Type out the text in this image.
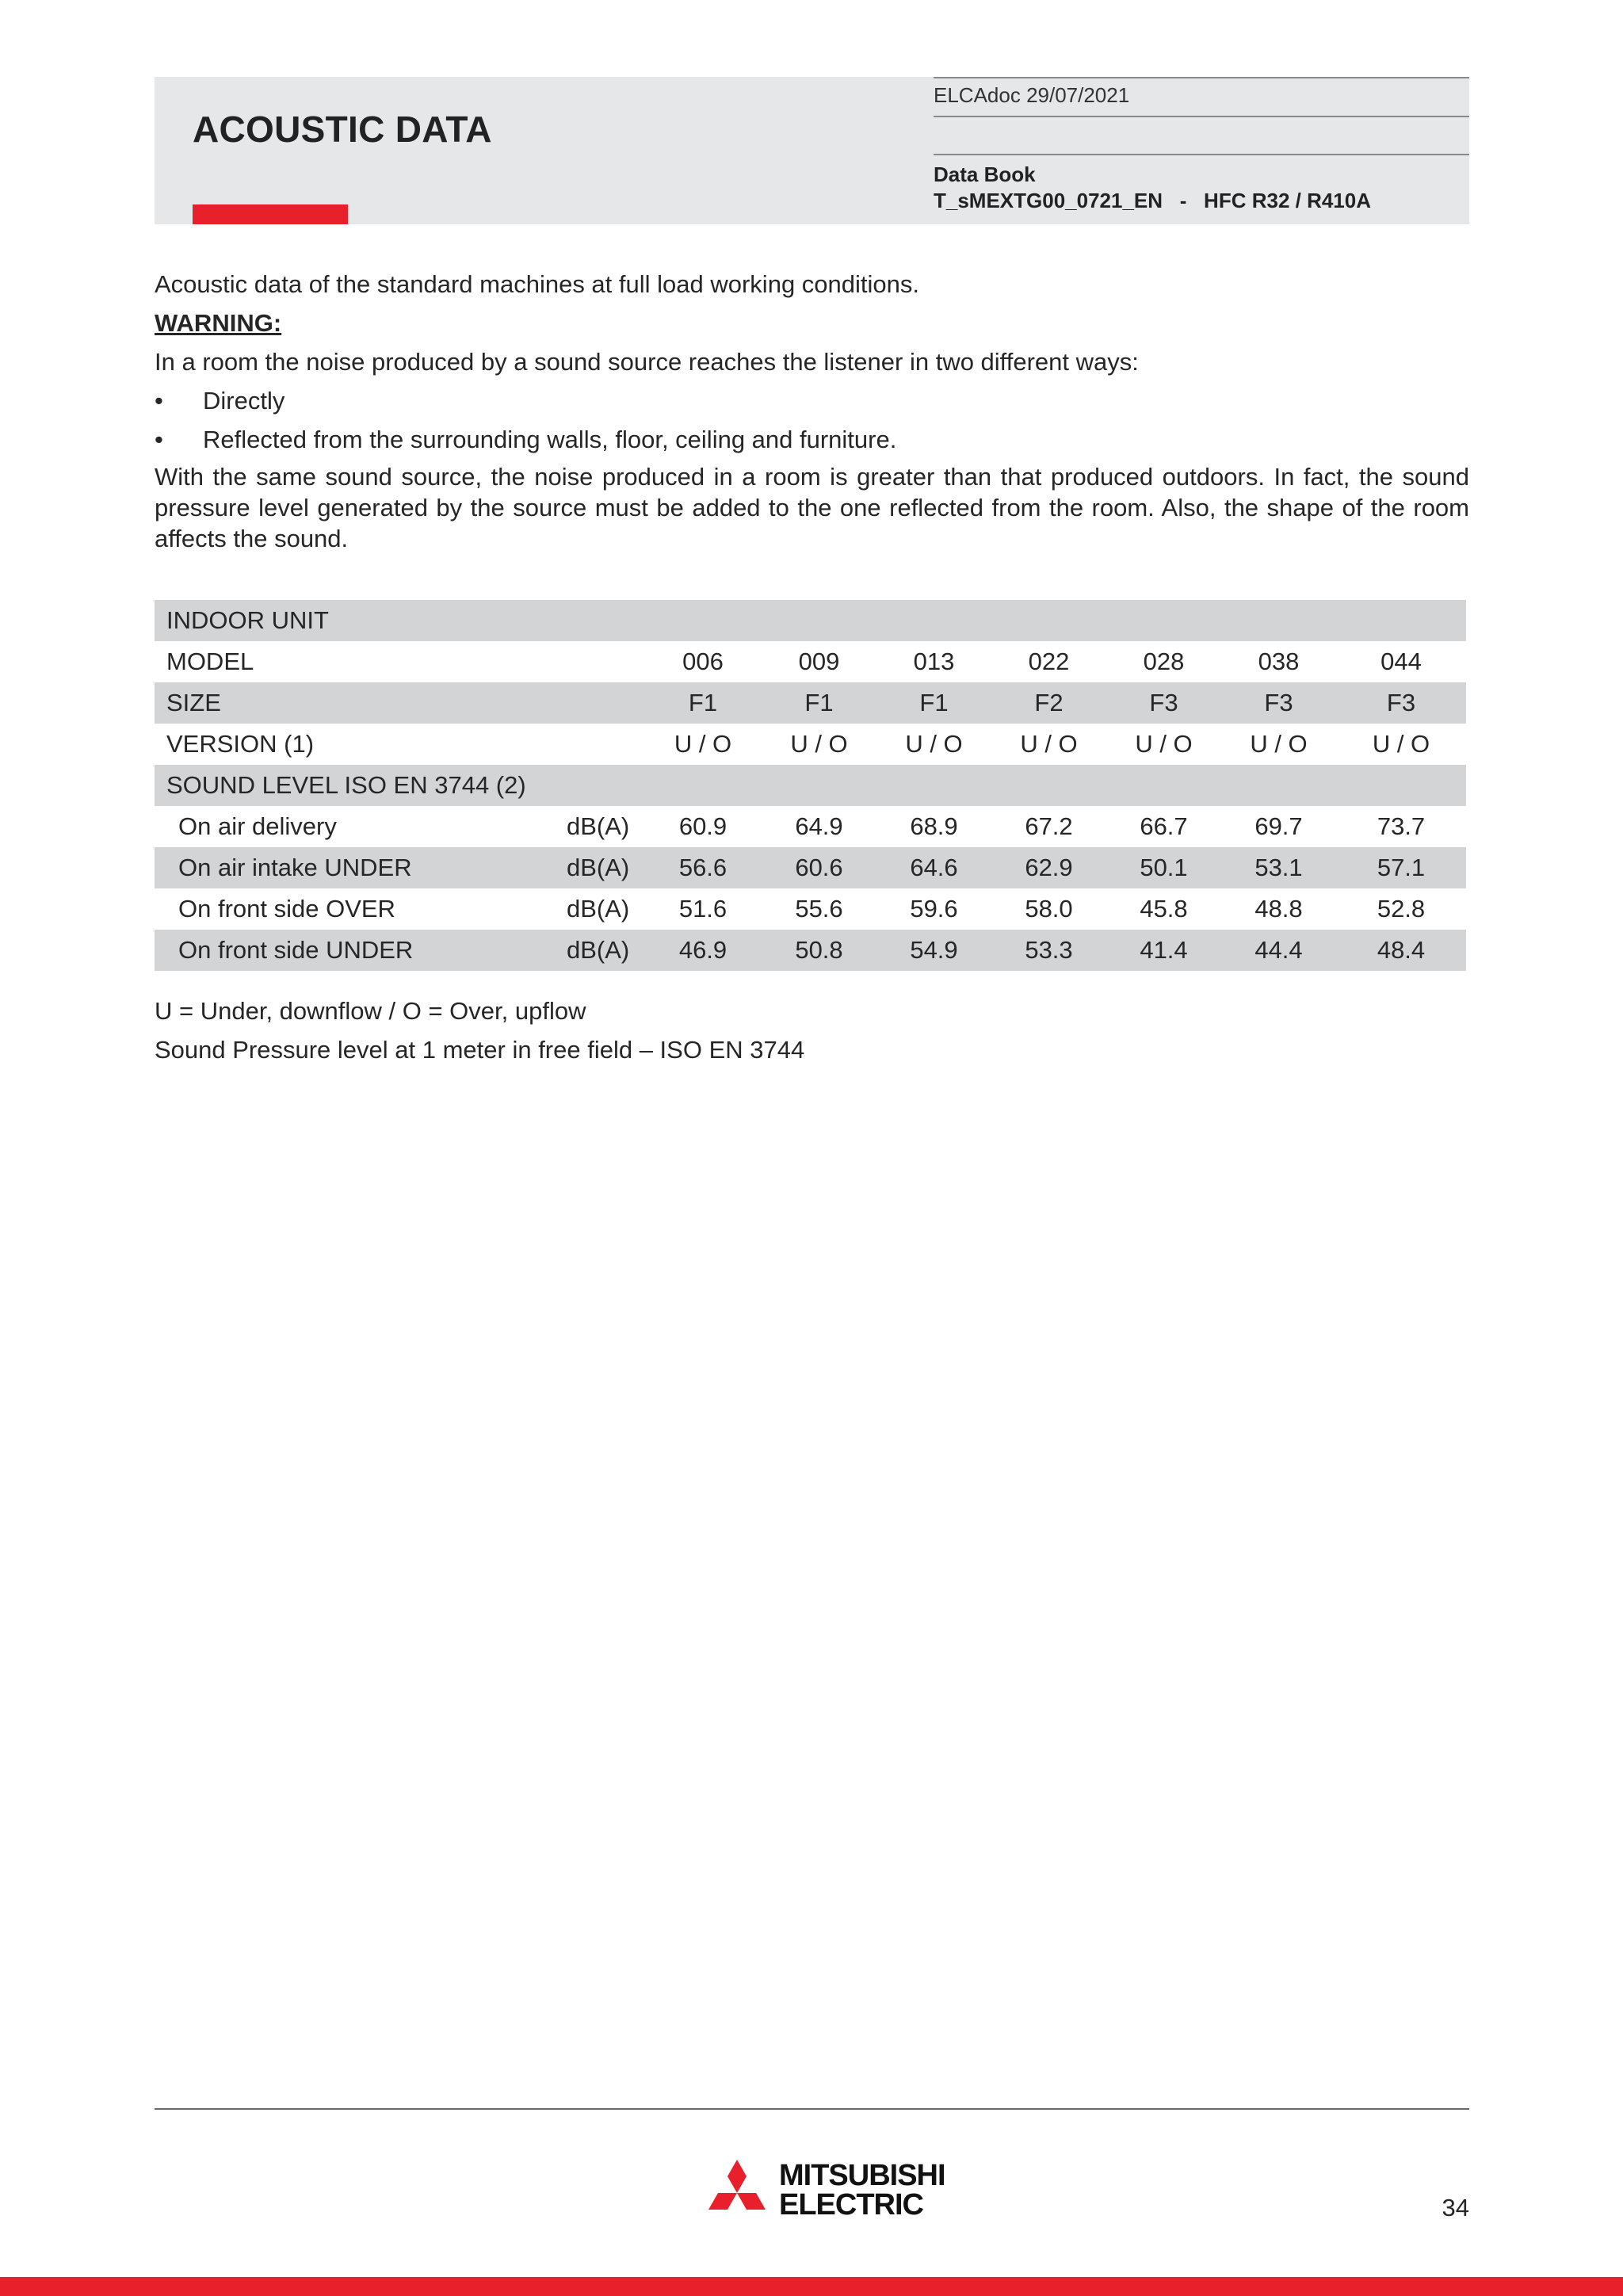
ACOUSTIC DATA
ELCAdoc 29/07/2021
Data Book
T_sMEXTG00_0721_EN   -   HFC R32 / R410A
Acoustic data of the standard machines at full load working conditions.
WARNING:
In a room the noise produced by a sound source reaches the listener in two different ways:
•	Directly
•	Reflected from the surrounding walls, floor, ceiling and furniture.
With the same sound source, the noise produced in a room is greater than that produced outdoors. In fact, the sound pressure level generated by the source must be added to the one reflected from the room. Also, the shape of the room affects the sound.
INDOOR UNIT								
MODEL		006	009	013	022	028	038	044
SIZE		F1	F1	F1	F2	F3	F3	F3
VERSION (1)		U / O	U / O	U / O	U / O	U / O	U / O	U / O
SOUND LEVEL ISO EN 3744 (2)								
On air delivery	dB(A)	60.9	64.9	68.9	67.2	66.7	69.7	73.7
On air intake UNDER	dB(A)	56.6	60.6	64.6	62.9	50.1	53.1	57.1
On front side OVER	dB(A)	51.6	55.6	59.6	58.0	45.8	48.8	52.8
On front side UNDER	dB(A)	46.9	50.8	54.9	53.3	41.4	44.4	48.4
U = Under, downflow / O = Over, upflow
Sound Pressure level at 1 meter in free field – ISO EN 3744
MITSUBISHI
ELECTRIC	34
